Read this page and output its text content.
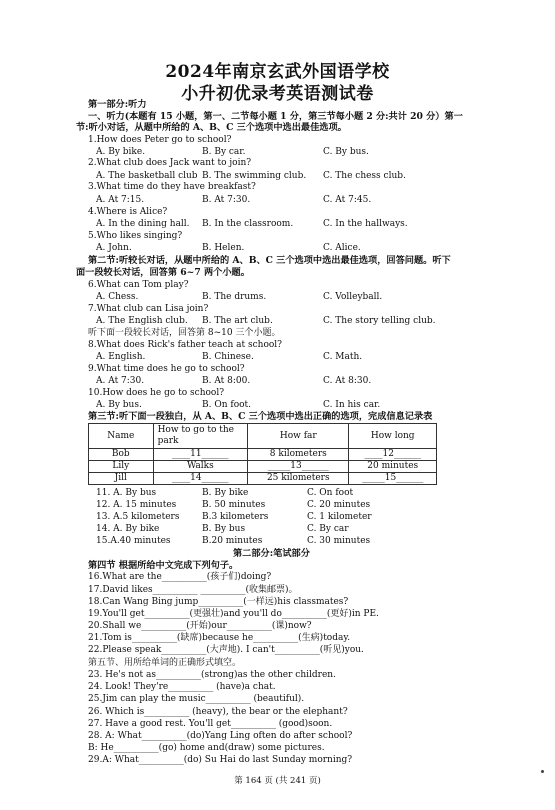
2024年南京玄武外国语学校
小升初优录考英语测试卷
第一部分:听力
一、听力(本题有 15 小题，第一、二节每小题 1 分，第三节每小题 2 分:共计 20 分）第一
节:听小对话，从题中所给的 A、B、C 三个选项中选出最佳选项。
1.How does Peter go to school?
A. By bike.	B. By car.	C. By bus.
2.What club does Jack want to join?
A. The basketball club B. The swimming club. C. The chess club.
3.What time do they have breakfast?
A. At 7:15.	B. At 7:30.	C. At 7:45.
4.Where is Alice?
A. In the dining hall. B. In the classroom.	C. In the hallways.
5.Who likes singing?
A. John.	B. Helen.	C. Alice.
第二节:听较长对话，从题中所给的 A、B、C 三个选项中选出最佳选项，回答问题。听下
面一段较长对话，回答第 6~7 两个小题。
6.What can Tom play?
A. Chess.	B. The drums.	C. Volleyball.
7.What club can Lisa join?
A. The English club. B. The art club.	C. The story telling club.
听下面一段较长对话，回答第 8~10 三个小题。
8.What does Rick's father teach at school?
A. English.	B. Chinese.	C. Math.
9.What time does he go to school?
A. At 7:30.	B. At 8:00.	C. At 8:30.
10.How does he go to school?
A. By bus.	B. On foot.	C. In his car.
第三节:听下面一段独白，从 A、B、C 三个选项中选出正确的选项，完成信息记录表
Name	How to go to the park	How far	How long
Bob	____11______	8 kilometers	____12______
Lily	Walks	_____13______	20 minutes
Jill	____14______	25 kilometers	_____15______
11. A. By bus	B. By bike	C. On foot
12. A. 15 minutes	B. 50 minutes	C. 20 minutes
13. A.5 kilometers	B.3 kilometers	C. 1 kilometer
14. A. By bike	B. By bus	C. By car
15.A.40 minutes	B.20 minutes	C. 30 minutes
第二部分:笔试部分
第四节 根据所给中文完成下列句子。
16.What are the__________(孩子们)doing?
17.David likes__________ __________(收集邮票)。
18.Can Wang Bing jump__________(一样远)his classmates?
19.You'll get__________(更强壮)and you'll do__________(更好)in PE.
20.Shall we__________(开始)our__________(课)now?
21.Tom is__________(缺席)because he__________(生病)today.
22.Please speak__________(大声地). I can't__________(听见)you.
第五节、用所给单词的正确形式填空。
23. He's not as__________(strong)as the other children.
24. Look! They're__________ (have)a chat.
25.Jim can play the music__________ (beautiful).
26. Which is__________ (heavy), the bear or the elephant?
27. Have a good rest. You'll get__________ (good)soon.
28. A: What__________(do)Yang Ling often do after school?
B: He__________(go) home and(draw) some pictures.
29.A: What__________(do) Su Hai do last Sunday morning?
第 164 页 (共 241 页)
